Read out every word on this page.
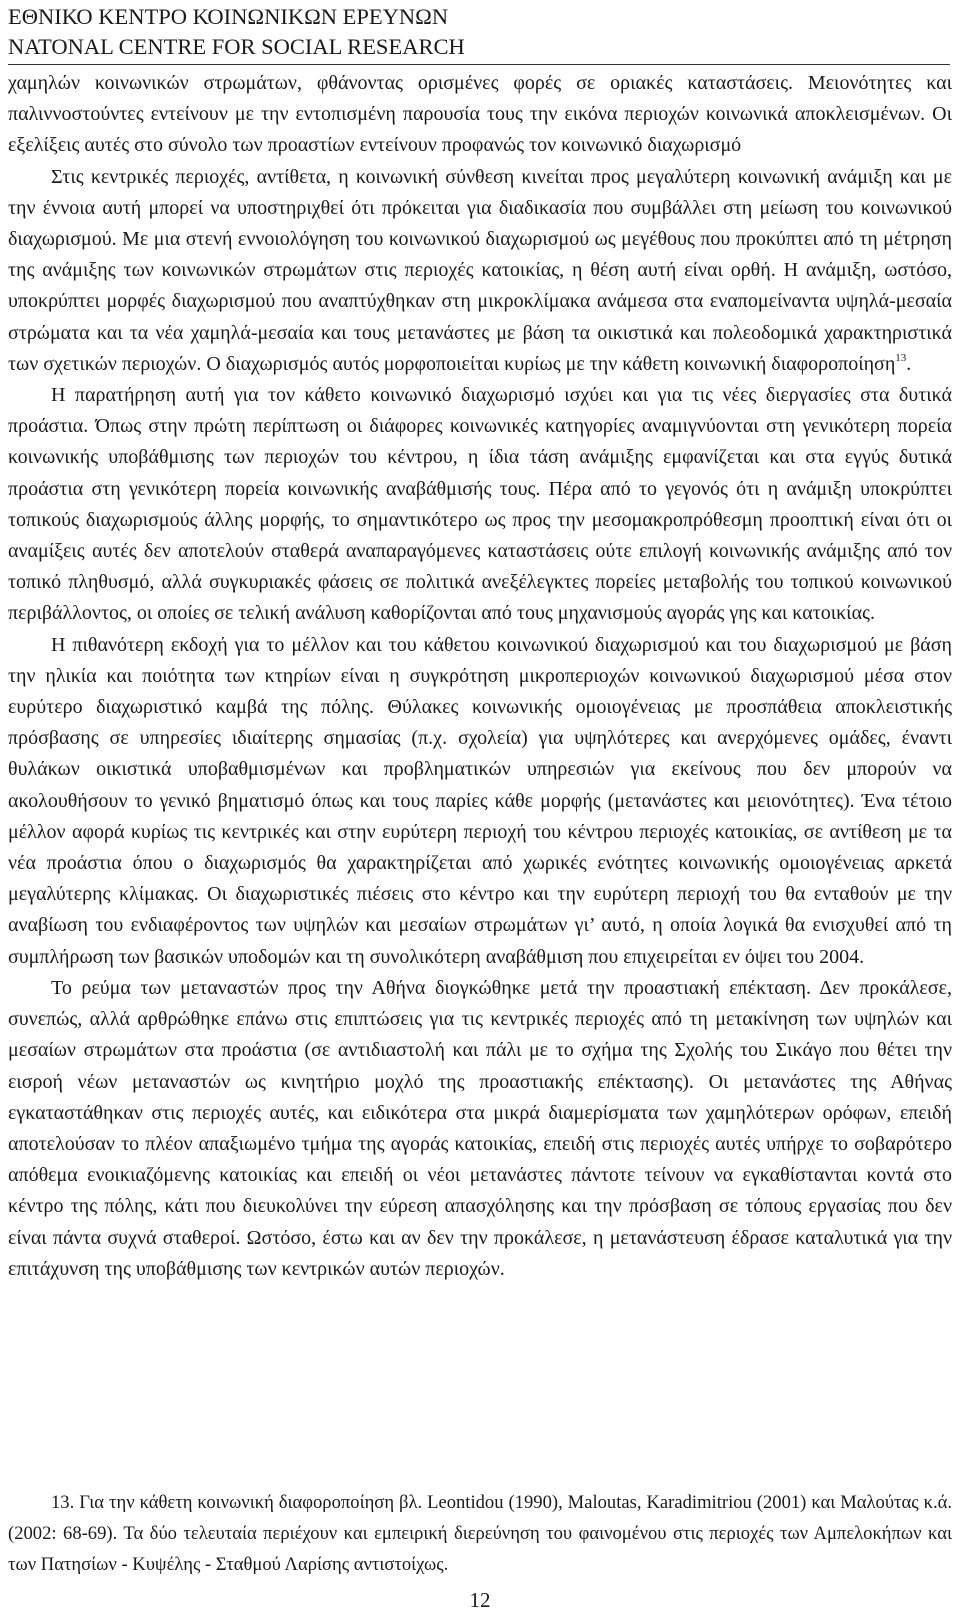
ΕΘΝΙΚΟ ΚΕΝΤΡΟ ΚΟΙΝΩΝΙΚΩΝ ΕΡΕΥΝΩΝ
NATONAL CENTRE FOR SOCIAL RESEARCH

χαμηλών κοινωνικών στρωμάτων, φθάνοντας ορισμένες φορές σε οριακές καταστάσεις. Μειονότητες και παλιννοστούντες εντείνουν με την εντοπισμένη παρουσία τους την εικόνα περιοχών κοινωνικά αποκλεισμένων. Οι εξελίξεις αυτές στο σύνολο των προαστίων εντείνουν προφανώς τον κοινωνικό διαχωρισμό

Στις κεντρικές περιοχές, αντίθετα, η κοινωνική σύνθεση κινείται προς μεγαλύτερη κοινωνική ανάμιξη και με την έννοια αυτή μπορεί να υποστηριχθεί ότι πρόκειται για διαδικασία που συμβάλλει στη μείωση του κοινωνικού διαχωρισμού. Με μια στενή εννοιολόγηση του κοινωνικού διαχωρισμού ως μεγέθους που προκύπτει από τη μέτρηση της ανάμιξης των κοινωνικών στρωμάτων στις περιοχές κατοικίας, η θέση αυτή είναι ορθή. Η ανάμιξη, ωστόσο, υποκρύπτει μορφές διαχωρισμού που αναπτύχθηκαν στη μικροκλίμακα ανάμεσα στα εναπομείναντα υψηλά-μεσαία στρώματα και τα νέα χαμηλά-μεσαία και τους μετανάστες με βάση τα οικιστικά και πολεοδομικά χαρακτηριστικά των σχετικών περιοχών. Ο διαχωρισμός αυτός μορφοποιείται κυρίως με την κάθετη κοινωνική διαφοροποίηση$^{13}$.

Η παρατήρηση αυτή για τον κάθετο κοινωνικό διαχωρισμό ισχύει και για τις νέες διεργασίες στα δυτικά προάστια. Όπως στην πρώτη περίπτωση οι διάφορες κοινωνικές κατηγορίες αναμιγνύονται στη γενικότερη πορεία κοινωνικής υποβάθμισης των περιοχών του κέντρου, η ίδια τάση ανάμιξης εμφανίζεται και στα εγγύς δυτικά προάστια στη γενικότερη πορεία κοινωνικής αναβάθμισής τους. Πέρα από το γεγονός ότι η ανάμιξη υποκρύπτει τοπικούς διαχωρισμούς άλλης μορφής, το σημαντικότερο ως προς την μεσομακροπρόθεσμη προοπτική είναι ότι οι αναμίξεις αυτές δεν αποτελούν σταθερά αναπαραγόμενες καταστάσεις ούτε επιλογή κοινωνικής ανάμιξης από τον τοπικό πληθυσμό, αλλά συγκυριακές φάσεις σε πολιτικά ανεξέλεγκτες πορείες μεταβολής του τοπικού κοινωνικού περιβάλλοντος, οι οποίες σε τελική ανάλυση καθορίζονται από τους μηχανισμούς αγοράς γης και κατοικίας.

Η πιθανότερη εκδοχή για το μέλλον και του κάθετου κοινωνικού διαχωρισμού και του διαχωρισμού με βάση την ηλικία και ποιότητα των κτηρίων είναι η συγκρότηση μικροπεριοχών κοινωνικού διαχωρισμού μέσα στον ευρύτερο διαχωριστικό καμβά της πόλης. Θύλακες κοινωνικής ομοιογένειας με προσπάθεια αποκλειστικής πρόσβασης σε υπηρεσίες ιδιαίτερης σημασίας (π.χ. σχολεία) για υψηλότερες και ανερχόμενες ομάδες, έναντι θυλάκων οικιστικά υποβαθμισμένων και προβληματικών υπηρεσιών για εκείνους που δεν μπορούν να ακολουθήσουν το γενικό βηματισμό όπως και τους παρίες κάθε μορφής (μετανάστες και μειονότητες). Ένα τέτοιο μέλλον αφορά κυρίως τις κεντρικές και στην ευρύτερη περιοχή του κέντρου περιοχές κατοικίας, σε αντίθεση με τα νέα προάστια όπου ο διαχωρισμός θα χαρακτηρίζεται από χωρικές ενότητες κοινωνικής ομοιογένειας αρκετά μεγαλύτερης κλίμακας. Οι διαχωριστικές πιέσεις στο κέντρο και την ευρύτερη περιοχή του θα ενταθούν με την αναβίωση του ενδιαφέροντος των υψηλών και μεσαίων στρωμάτων γι’ αυτό, η οποία λογικά θα ενισχυθεί από τη συμπλήρωση των βασικών υποδομών και τη συνολικότερη αναβάθμιση που επιχειρείται εν όψει του 2004.

Το ρεύμα των μεταναστών προς την Αθήνα διογκώθηκε μετά την προαστιακή επέκταση. Δεν προκάλεσε, συνεπώς, αλλά αρθρώθηκε επάνω στις επιπτώσεις για τις κεντρικές περιοχές από τη μετακίνηση των υψηλών και μεσαίων στρωμάτων στα προάστια (σε αντιδιαστολή και πάλι με το σχήμα της Σχολής του Σικάγο που θέτει την εισροή νέων μεταναστών ως κινητήριο μοχλό της προαστιακής επέκτασης). Οι μετανάστες της Αθήνας εγκαταστάθηκαν στις περιοχές αυτές, και ειδικότερα στα μικρά διαμερίσματα των χαμηλότερων ορόφων, επειδή αποτελούσαν το πλέον απαξιωμένο τμήμα της αγοράς κατοικίας, επειδή στις περιοχές αυτές υπήρχε το σοβαρότερο απόθεμα ενοικιαζόμενης κατοικίας και επειδή οι νέοι μετανάστες πάντοτε τείνουν να εγκαθίστανται κοντά στο κέντρο της πόλης, κάτι που διευκολύνει την εύρεση απασχόλησης και την πρόσβαση σε τόπους εργασίας που δεν είναι πάντα συχνά σταθεροί. Ωστόσο, έστω και αν δεν την προκάλεσε, η μετανάστευση έδρασε καταλυτικά για την επιτάχυνση της υποβάθμισης των κεντρικών αυτών περιοχών.

13. Για την κάθετη κοινωνική διαφοροποίηση βλ. Leontidou (1990), Maloutas, Karadimitriou (2001) και Μαλούτας κ.ά. (2002: 68-69). Τα δύο τελευταία περιέχουν και εμπειρική διερεύνηση του φαινομένου στις περιοχές των Αμπελοκήπων και των Πατησίων - Κυψέλης - Σταθμού Λαρίσης αντιστοίχως.

12
